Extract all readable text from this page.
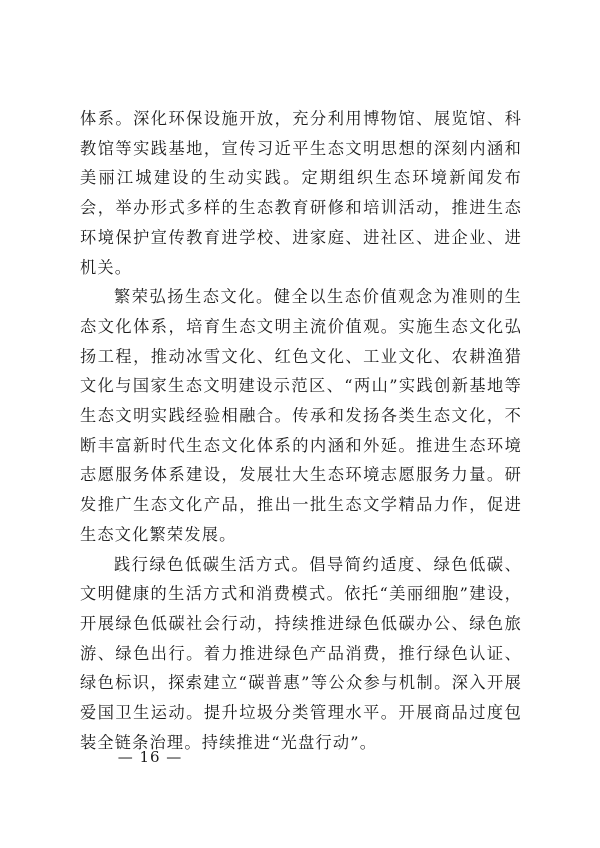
体系。深化环保设施开放，充分利用博物馆、展览馆、科教馆等实践基地，宣传习近平生态文明思想的深刻内涵和美丽江城建设的生动实践。定期组织生态环境新闻发布会，举办形式多样的生态教育研修和培训活动，推进生态环境保护宣传教育进学校、进家庭、进社区、进企业、进机关。

繁荣弘扬生态文化。健全以生态价值观念为准则的生态文化体系，培育生态文明主流价值观。实施生态文化弘扬工程，推动冰雪文化、红色文化、工业文化、农耕渔猎文化与国家生态文明建设示范区、“两山”实践创新基地等生态文明实践经验相融合。传承和发扬各类生态文化，不断丰富新时代生态文化体系的内涵和外延。推进生态环境志愿服务体系建设，发展壮大生态环境志愿服务力量。研发推广生态文化产品，推出一批生态文学精品力作，促进生态文化繁荣发展。

践行绿色低碳生活方式。倡导简约适度、绿色低碳、文明健康的生活方式和消费模式。依托“美丽细胞”建设，开展绿色低碳社会行动，持续推进绿色低碳办公、绿色旅游、绿色出行。着力推进绿色产品消费，推行绿色认证、绿色标识，探索建立“碳普惠”等公众参与机制。深入开展爱国卫生运动。提升垃圾分类管理水平。开展商品过度包装全链条治理。持续推进“光盘行动”。

— 16 —
